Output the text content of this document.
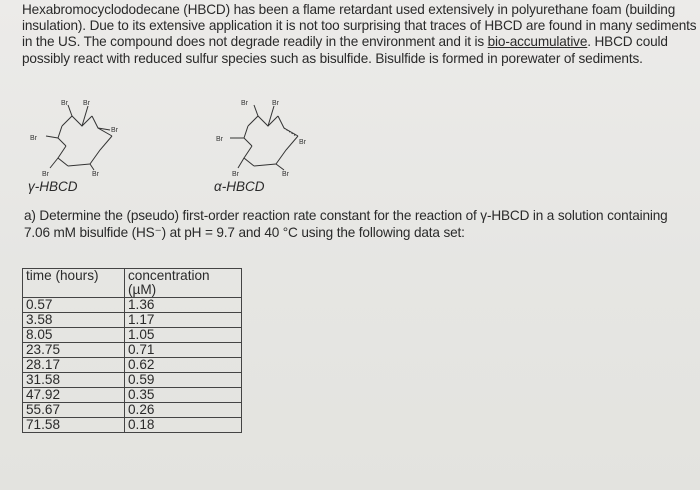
Hexabromocyclododecane (HBCD) has been a flame retardant used extensively in polyurethane foam (building insulation). Due to its extensive application it is not too surprising that traces of HBCD are found in many sediments in the US. The compound does not degrade readily in the environment and it is bio-accumulative. HBCD could possibly react with reduced sulfur species such as bisulfide. Bisulfide is formed in porewater of sediments.
Br Br
Br
Br
Br	Br
γ-HBCD
Br	Br
Br	Br
Br	Br
α-HBCD
a) Determine the (pseudo) first-order reaction rate constant for the reaction of γ-HBCD in a solution containing 7.06 mM bisulfide (HS⁻) at pH = 9.7 and 40 °C using the following data set:
time (hours)	concentration (µM)
0.57	1.36
3.58	1.17
8.05	1.05
23.75	0.71
28.17	0.62
31.58	0.59
47.92	0.35
55.67	0.26
71.58	0.18
